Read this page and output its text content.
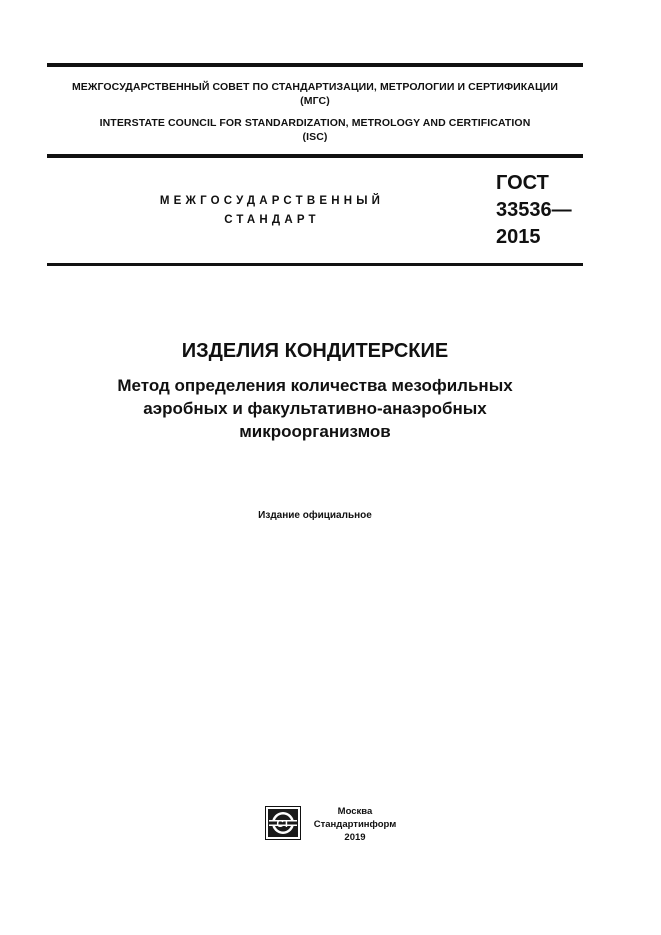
МЕЖГОСУДАРСТВЕННЫЙ СОВЕТ ПО СТАНДАРТИЗАЦИИ, МЕТРОЛОГИИ И СЕРТИФИКАЦИИ
(МГС)
INTERSTATE COUNCIL FOR STANDARDIZATION, METROLOGY AND CERTIFICATION
(ISC)
МЕЖГОСУДАРСТВЕННЫЙ
СТАНДАРТ
ГОСТ
33536—
2015
ИЗДЕЛИЯ КОНДИТЕРСКИЕ
Метод определения количества мезофильных
аэробных и факультативно-анаэробных
микроорганизмов
Издание официальное
СТ
Москва
Стандартинформ
2019
